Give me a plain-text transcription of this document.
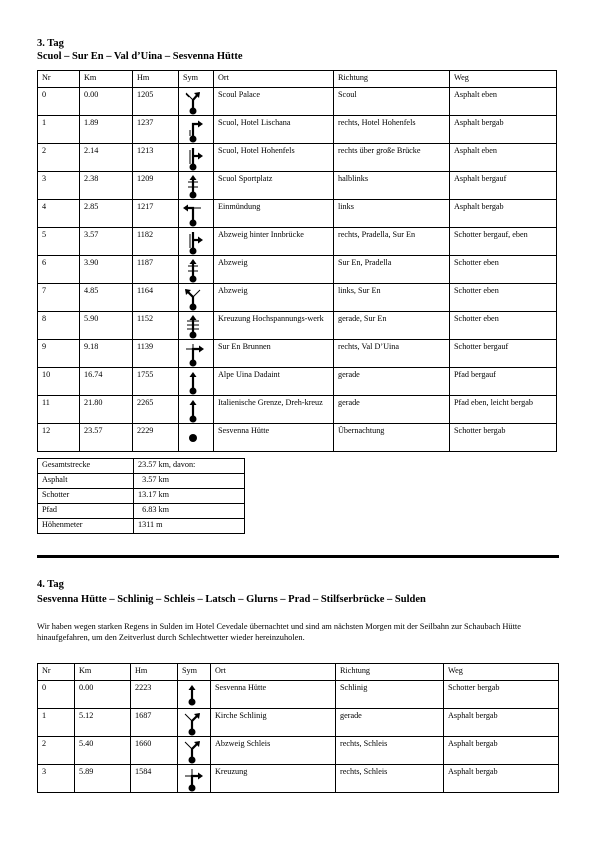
3. Tag
Scuol – Sur En – Val d’Uina – Sesvenna Hütte
Nr	Km	Hm	Sym	Ort	Richtung	Weg
0	0.00	1205		Scoul Palace	Scoul	Asphalt eben
1	1.89	1237		Scuol, Hotel Lischana	rechts, Hotel Hohenfels	Asphalt bergab
2	2.14	1213		Scuol, Hotel Hohenfels	rechts über große Brücke	Asphalt eben
3	2.38	1209		Scuol Sportplatz	halblinks	Asphalt bergauf
4	2.85	1217		Einmündung	links	Asphalt bergab
5	3.57	1182		Abzweig hinter Innbrücke	rechts, Pradella, Sur En	Schotter bergauf, eben
6	3.90	1187		Abzweig	Sur En, Pradella	Schotter eben
7	4.85	1164		Abzweig	links, Sur En	Schotter eben
8	5.90	1152		Kreuzung Hochspannungs-werk	gerade, Sur En	Schotter eben
9	9.18	1139		Sur En Brunnen	rechts, Val D’Uina	Schotter bergauf
10	16.74	1755		Alpe Uina Dadaint	gerade	Pfad bergauf
11	21.80	2265		Italienische Grenze, Dreh-kreuz	gerade	Pfad eben, leicht bergab
12	23.57	2229		Sesvenna Hütte	Übernachtung	Schotter bergab
Gesamtstrecke	23.57 km, davon:
Asphalt	3.57 km
Schotter	13.17 km
Pfad	6.83 km
Höhenmeter	1311 m
4. Tag
Sesvenna Hütte – Schlinig – Schleis – Latsch – Glurns – Prad – Stilfserbrücke – Sulden
Wir haben wegen starken Regens in Sulden im Hotel Cevedale übernachtet und sind am nächsten Morgen mit der Seilbahn zur Schaubach Hütte hinaufgefahren, um den Zeitverlust durch Schlechtwetter wieder hereinzuholen.
Nr	Km	Hm	Sym	Ort	Richtung	Weg
0	0.00	2223		Sesvenna Hütte	Schlinig	Schotter bergab
1	5.12	1687		Kirche Schlinig	gerade	Asphalt bergab
2	5.40	1660		Abzweig Schleis	rechts, Schleis	Asphalt bergab
3	5.89	1584		Kreuzung	rechts, Schleis	Asphalt bergab
